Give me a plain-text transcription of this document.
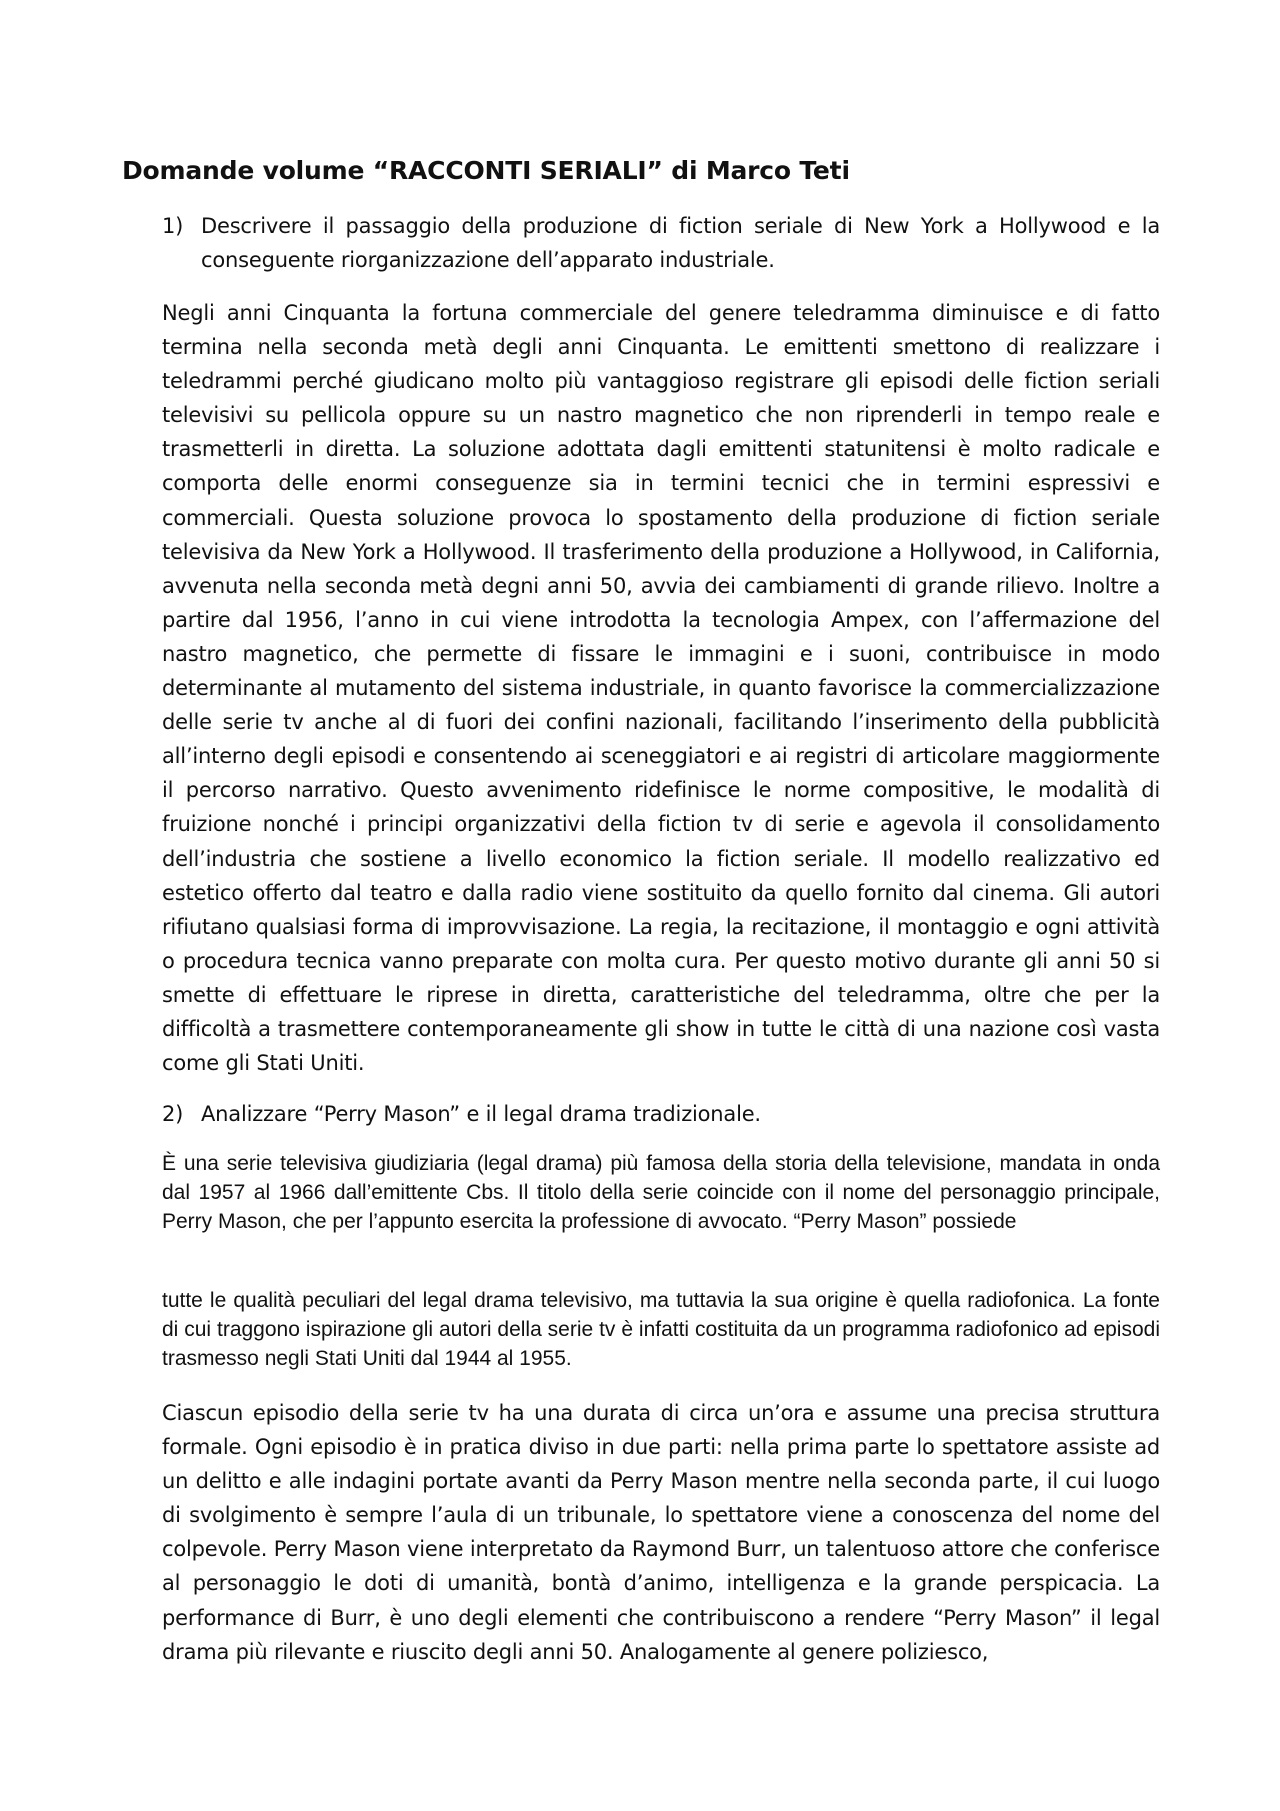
Domande volume “RACCONTI SERIALI” di Marco Teti
1) Descrivere il passaggio della produzione di fiction seriale di New York a Hollywood e la conseguente riorganizzazione dell’apparato industriale.

Negli anni Cinquanta la fortuna commerciale del genere teledramma diminuisce e di fatto termina nella seconda metà degli anni Cinquanta. Le emittenti smettono di realizzare i teledrammi perché giudicano molto più vantaggioso registrare gli episodi delle fiction seriali televisivi su pellicola oppure su un nastro magnetico che non riprenderli in tempo reale e trasmetterli in diretta. La soluzione adottata dagli emittenti statunitensi è molto radicale e comporta delle enormi conseguenze sia in termini tecnici che in termini espressivi e commerciali. Questa soluzione provoca lo spostamento della produzione di fiction seriale televisiva da New York a Hollywood. Il trasferimento della produzione a Hollywood, in California, avvenuta nella seconda metà degni anni 50, avvia dei cambiamenti di grande rilievo. Inoltre a partire dal 1956, l’anno in cui viene introdotta la tecnologia Ampex, con l’affermazione del nastro magnetico, che permette di fissare le immagini e i suoni, contribuisce in modo determinante al mutamento del sistema industriale, in quanto favorisce la commercializzazione delle serie tv anche al di fuori dei confini nazionali, facilitando l’inserimento della pubblicità all’interno degli episodi e consentendo ai sceneggiatori e ai registri di articolare maggiormente il percorso narrativo. Questo avvenimento ridefinisce le norme compositive, le modalità di fruizione nonché i principi organizzativi della fiction tv di serie e agevola il consolidamento dell’industria che sostiene a livello economico la fiction seriale. Il modello realizzativo ed estetico offerto dal teatro e dalla radio viene sostituito da quello fornito dal cinema. Gli autori rifiutano qualsiasi forma di improvvisazione. La regia, la recitazione, il montaggio e ogni attività o procedura tecnica vanno preparate con molta cura. Per questo motivo durante gli anni 50 si smette di effettuare le riprese in diretta, caratteristiche del teledramma, oltre che per la difficoltà a trasmettere contemporaneamente gli show in tutte le città di una nazione così vasta come gli Stati Uniti.

2) Analizzare “Perry Mason” e il legal drama tradizionale.

È una serie televisiva giudiziaria (legal drama) più famosa della storia della televisione, mandata in onda dal 1957 al 1966 dall’emittente Cbs. Il titolo della serie coincide con il nome del personaggio principale, Perry Mason, che per l’appunto esercita la professione di avvocato. “Perry Mason” possiede

tutte le qualità peculiari del legal drama televisivo, ma tuttavia la sua origine è quella radiofonica. La fonte di cui traggono ispirazione gli autori della serie tv è infatti costituita da un programma radiofonico ad episodi trasmesso negli Stati Uniti dal 1944 al 1955.

Ciascun episodio della serie tv ha una durata di circa un’ora e assume una precisa struttura formale. Ogni episodio è in pratica diviso in due parti: nella prima parte lo spettatore assiste ad un delitto e alle indagini portate avanti da Perry Mason mentre nella seconda parte, il cui luogo di svolgimento è sempre l’aula di un tribunale, lo spettatore viene a conoscenza del nome del colpevole. Perry Mason viene interpretato da Raymond Burr, un talentuoso attore che conferisce al personaggio le doti di umanità, bontà d’animo, intelligenza e la grande perspicacia. La performance di Burr, è uno degli elementi che contribuiscono a rendere “Perry Mason” il legal drama più rilevante e riuscito degli anni 50. Analogamente al genere poliziesco,
